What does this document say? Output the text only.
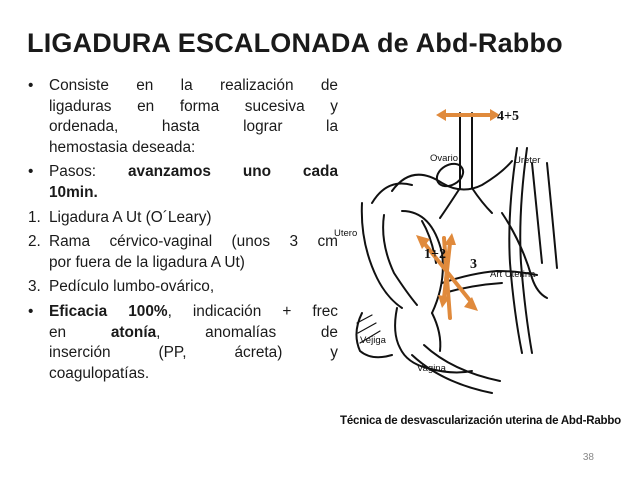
LIGADURA ESCALONADA de Abd-Rabbo
• Consiste en la realización de
ligaduras en forma sucesiva y
ordenada, hasta lograr la
hemostasia deseada:
• Pasos: avanzamos uno cada
10min.
1. Ligadura A Ut (O´Leary)
2. Rama cérvico-vaginal (unos 3 cm
por fuera de la ligadura A Ut)
3. Pedículo lumbo-ovárico,
• Eficacia 100%, indicación + frec
en atonía, anomalías de
inserción (PP, ácreta) y
coagulopatías.
4+5
Ovario	Ureter
Utero
1+2
3
Art Uterina
Vejiga
Vagina
Técnica de desvascularización uterina de Abd-Rabbo
38
